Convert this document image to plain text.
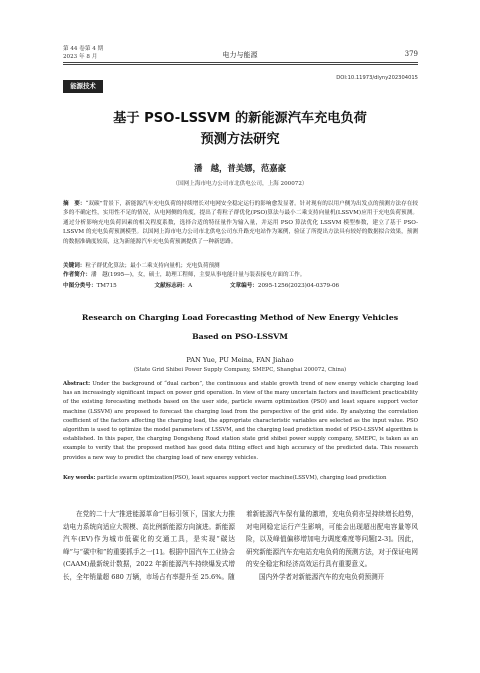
第 44 卷第 4 期
2023 年 8 月	电力与能源	379
能源技术
DOI:10.11973/dlyny202304015
基于 PSO-LSSVM 的新能源汽车充电负荷
预测方法研究
潘　越，普美娜，范嘉豪
（国网上海市电力公司市北供电公司，上海 200072）
摘　要：“双碳”背景下，新能源汽车充电负荷的持续增长对电网安全稳定运行的影响愈发显著。针对现有的以用户侧为出发点的预测方法存在较多的不确定性，实用性不足的情况，从电网侧的角度，提出了将粒子群优化(PSO)算法与最小二乘支持向量机(LSSVM)应用于充电负荷预测。通过分析影响充电负荷因素的相关程度系数，选择合适的特征量作为输入量，并运用 PSO 算法优化 LSSVM 模型参数，建立了基于 PSO-LSSVM 的充电负荷预测模型。以国网上海市电力公司市北供电公司东升路充电站作为案例，验证了所提出方法具有较好的数据拟合效果，预测的数据准确度较高，这为新能源汽车充电负荷预测提供了一种新思路。
关键词：粒子群优化算法；最小二乘支持向量机；充电负荷预测
作者简介：潘　越(1995—)，女，硕士，助理工程师，主要从事电能计量与装表接电方面的工作。
中图分类号：TM715	文献标志码：A	文章编号：2095-1256(2023)04-0379-06
Research on Charging Load Forecasting Method of New Energy Vehicles
Based on PSO-LSSVM
PAN Yue, PU Meina, FAN Jiahao
(State Grid Shibei Power Supply Company, SMEPC, Shanghai 200072, China)
Abstract: Under the background of “dual carbon”, the continuous and stable growth trend of new energy vehicle charging load has an increasingly significant impact on power grid operation. In view of the many uncertain factors and insufficient practicability of the existing forecasting methods based on the user side, particle swarm optimization (PSO) and least square support vector machine (LSSVM) are proposed to forecast the charging load from the perspective of the grid side. By analyzing the correlation coefficient of the factors affecting the charging load, the appropriate characteristic variables are selected as the input value. PSO algorithm is used to optimize the model parameters of LSSVM, and the charging load prediction model of PSO-LSSVM algorithm is established. In this paper, the charging Dongsheng Road station state grid shibei power supply company, SMEPC, is taken as an example to verify that the proposed method has good data fitting effect and high accuracy of the predicted data. This research provides a new way to predict the charging load of new energy vehicles.
Key words: particle swarm optimization(PSO), least squares support vector machine(LSSVM), charging load prediction

在党的二十大“推进能源革命”目标引领下，国家大力推动电力系统向适应大规模、高比例新能源方向演进。新能源汽车(EV)作为城市低碳化的交通工具，是实现“碳达峰”与“碳中和”的重要抓手之一[1]。根据中国汽车工业协会(CAAM)最新统计数据，2022 年新能源汽车持续爆发式增长，全年销量超 680 万辆，市场占有率提升至 25.6%。随

着新能源汽车保有量的激增，充电负荷亦呈持续增长趋势，对电网稳定运行产生影响，可能会出现超出配电容量等风险，以及峰值偏移增加电力调度难度等问题[2-3]。因此，研究新能源汽车充电站充电负荷的预测方法，对于保证电网的安全稳定和经济高效运行具有重要意义。

国内外学者对新能源汽车的充电负荷预测开
